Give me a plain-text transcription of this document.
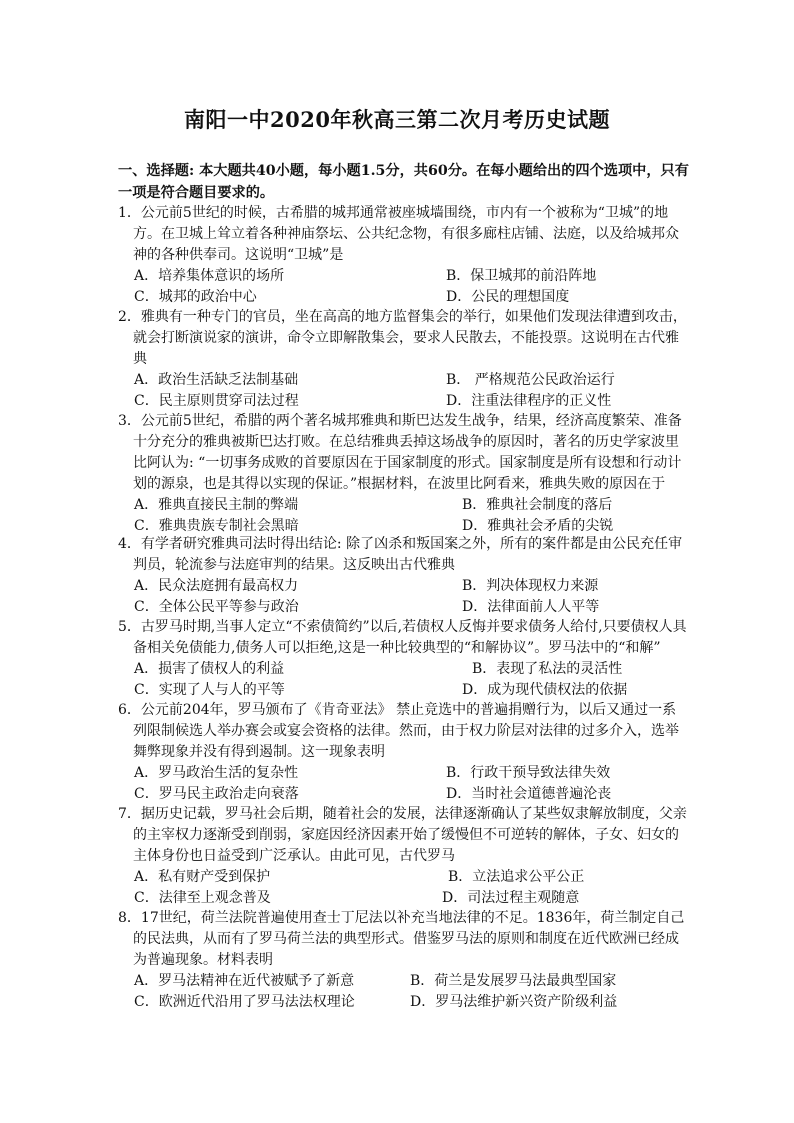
南阳一中2020年秋高三第二次月考历史试题
一、选择题: 本大题共40小题，每小题1.5分，共60分。在每小题给出的四个选项中，只有一项是符合题目要求的。
1．公元前5世纪的时候，古希腊的城邦通常被座城墙围绕，市内有一个被称为“卫城”的地方。在卫城上耸立着各种神庙祭坛、公共纪念物，有很多廊柱店铺、法庭，以及给城邦众神的各种供奉司。这说明“卫城”是
A．培养集体意识的场所	B．保卫城邦的前沿阵地
C．城邦的政治中心	D．公民的理想国度
2．雅典有一种专门的官员，坐在高高的地方监督集会的举行，如果他们发现法律遭到攻击，就会打断演说家的演讲，命令立即解散集会，要求人民散去，不能投票。这说明在古代雅典
A．政治生活缺乏法制基础	B． 严格规范公民政治运行
C．民主原则贯穿司法过程	D．注重法律程序的正义性
3．公元前5世纪，希腊的两个著名城邦雅典和斯巴达发生战争，结果，经济高度繁荣、准备十分充分的雅典被斯巴达打败。在总结雅典丢掉这场战争的原因时，著名的历史学家波里比阿认为: “一切事务成败的首要原因在于国家制度的形式。国家制度是所有设想和行动计划的源泉，也是其得以实现的保证。”根据材料，在波里比阿看来，雅典失败的原因在于
A．雅典直接民主制的弊端	B．雅典社会制度的落后
C．雅典贵族专制社会黑暗	D．雅典社会矛盾的尖锐
4．有学者研究雅典司法时得出结论: 除了凶杀和叛国案之外，所有的案件都是由公民充任审判员，轮流参与法庭审判的结果。这反映出古代雅典
A．民众法庭拥有最高权力	B．判决体现权力来源
C．全体公民平等参与政治	D．法律面前人人平等
5．古罗马时期,当事人定立“不索债简约”以后,若债权人反悔并要求债务人给付,只要债权人具备相关免债能力,债务人可以拒绝,这是一种比较典型的“和解协议”。罗马法中的“和解”
A．损害了债权人的利益	B．表现了私法的灵活性
C．实现了人与人的平等	D．成为现代债权法的依据
6．公元前204年，罗马颁布了《肯奇亚法》 禁止竞选中的普遍捐赠行为，以后又通过一系列限制候选人举办赛会或宴会资格的法律。然而，由于权力阶层对法律的过多介入，选举舞弊现象并没有得到遏制。这一现象表明
A．罗马政治生活的复杂性	B．行政干预导致法律失效
C．罗马民主政治走向衰落	D．当时社会道德普遍沦丧
7．据历史记载，罗马社会后期，随着社会的发展，法律逐渐确认了某些奴隶解放制度，父亲的主宰权力逐渐受到削弱，家庭因经济因素开始了缓慢但不可逆转的解体，子女、妇女的主体身份也日益受到广泛承认。由此可见，古代罗马
A．私有财产受到保护	B．立法追求公平公正
C．法律至上观念普及	D．司法过程主观随意
8．17世纪，荷兰法院普遍使用查士丁尼法以补充当地法律的不足。1836年，荷兰制定自己的民法典，从而有了罗马荷兰法的典型形式。借鉴罗马法的原则和制度在近代欧洲已经成为普遍现象。材料表明
A．罗马法精神在近代被赋予了新意	B．荷兰是发展罗马法最典型国家
C．欧洲近代沿用了罗马法法权理论	D．罗马法维护新兴资产阶级利益
